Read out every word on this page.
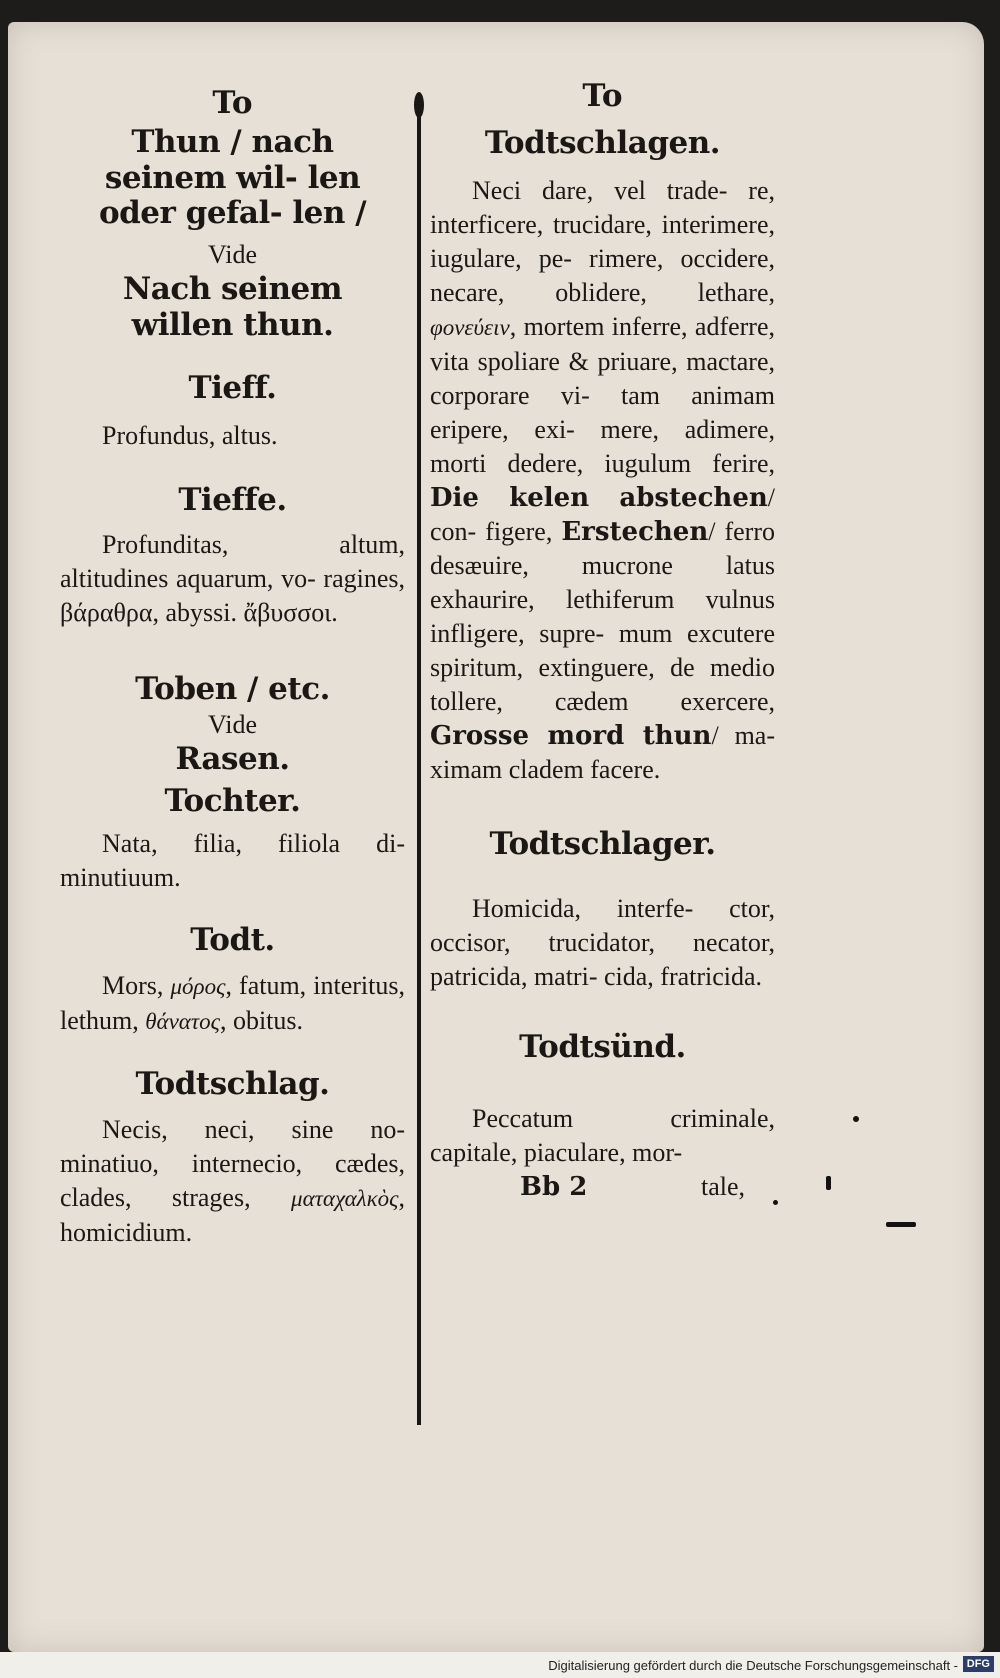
To
Thun / nach seinem wil- len oder gefal- len /
Vide
Nach seinem willen thun.
Tieff.

Profundus, altus.

Tieffe.

Profunditas, altum, altitudines aquarum, vo- ragines, βάραθρα, abyssi. ἄβυσσοι.

Toben / etc.
Vide
Rasen.
Tochter.

Nata, filia, filiola di- minutiuum.

Todt.

Mors, μόρος, fatum, interitus, lethum, θάνατος, obitus.

Todtschlag.

Necis, neci, sine no- minatiuo, internecio, cædes, clades, strages, ματαχαλκὸς, homicidium.

To
Todtschlagen.

Neci dare, vel trade- re, interficere, trucidare, interimere, iugulare, pe- rimere, occidere, necare, oblidere, lethare, φονεύειν, mortem inferre, adferre, vita spoliare & priuare, mactare, corporare vi- tam animam eripere, exi- mere, adimere, morti dedere, iugulum ferire, Die kelen abstechen/ con- figere, Erstechen/ ferro desæuire, mucrone latus exhaurire, lethiferum vulnus infligere, supre- mum excutere spiritum, extinguere, de medio tollere, cædem exercere, Grosse mord thun/ ma- ximam cladem facere.

Todtschlager.

Homicida, interfe- ctor, occisor, trucidator, necator, patricida, matri- cida, fratricida.

Todtsünd.

Peccatum criminale, capitale, piaculare, mor-

Bb 2	tale,
Digitalisierung gefördert durch die Deutsche Forschungsgemeinschaft - DFG
